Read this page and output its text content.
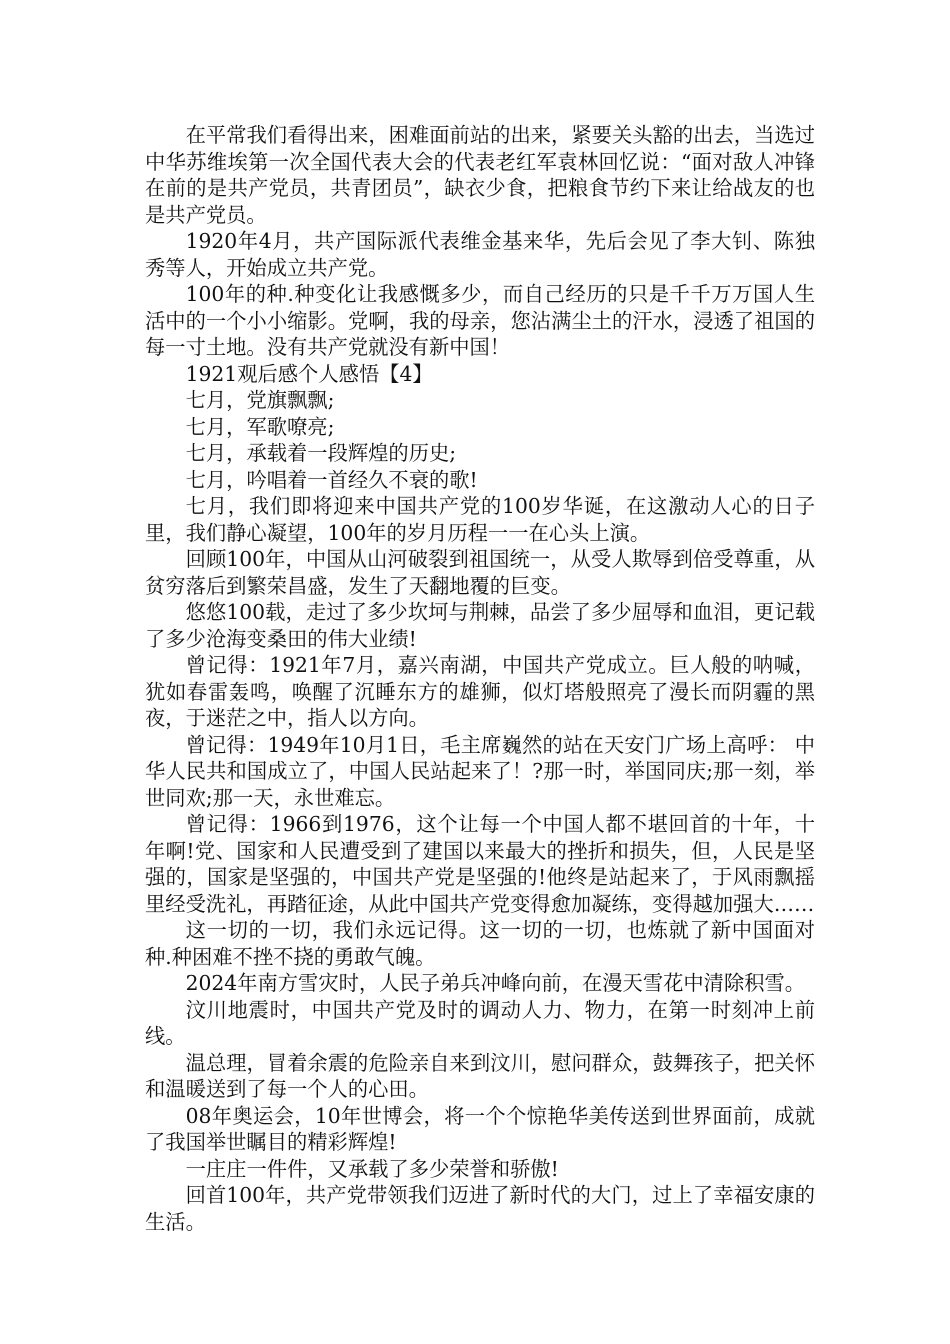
在平常我们看得出来，困难面前站的出来，紧要关头豁的出去，当选过中华苏维埃第一次全国代表大会的代表老红军袁林回忆说：“面对敌人冲锋在前的是共产党员，共青团员”，缺衣少食，把粮食节约下来让给战友的也是共产党员。

1920年4月，共产国际派代表维金基来华，先后会见了李大钊、陈独秀等人，开始成立共产党。

100年的种.种变化让我感慨多少，而自己经历的只是千千万万国人生活中的一个小小缩影。党啊，我的母亲，您沾满尘土的汗水，浸透了祖国的每一寸土地。没有共产党就没有新中国！

1921观后感个人感悟【4】

七月，党旗飘飘;

七月，军歌嘹亮;

七月，承载着一段辉煌的历史;

七月，吟唱着一首经久不衰的歌!

七月，我们即将迎来中国共产党的100岁华诞，在这激动人心的日子里，我们静心凝望，100年的岁月历程一一在心头上演。

回顾100年，中国从山河破裂到祖国统一，从受人欺辱到倍受尊重，从贫穷落后到繁荣昌盛，发生了天翻地覆的巨变。

悠悠100载，走过了多少坎坷与荆棘，品尝了多少屈辱和血泪，更记载了多少沧海变桑田的伟大业绩!

曾记得：1921年7月，嘉兴南湖，中国共产党成立。巨人般的呐喊，犹如春雷轰鸣，唤醒了沉睡东方的雄狮，似灯塔般照亮了漫长而阴霾的黑夜，于迷茫之中，指人以方向。

曾记得：1949年10月1日，毛主席巍然的站在天安门广场上高呼： 中华人民共和国成立了，中国人民站起来了！?那一时，举国同庆;那一刻，举世同欢;那一天，永世难忘。

曾记得：1966到1976，这个让每一个中国人都不堪回首的十年，十年啊!党、国家和人民遭受到了建国以来最大的挫折和损失，但，人民是坚强的，国家是坚强的，中国共产党是坚强的!他终是站起来了，于风雨飘摇里经受洗礼，再踏征途，从此中国共产党变得愈加凝练，变得越加强大……

这一切的一切，我们永远记得。这一切的一切，也炼就了新中国面对种.种困难不挫不挠的勇敢气魄。

2024年南方雪灾时，人民子弟兵冲峰向前，在漫天雪花中清除积雪。

汶川地震时，中国共产党及时的调动人力、物力，在第一时刻冲上前线。

温总理，冒着余震的危险亲自来到汶川，慰问群众，鼓舞孩子，把关怀和温暖送到了每一个人的心田。

08年奥运会，10年世博会，将一个个惊艳华美传送到世界面前，成就了我国举世瞩目的精彩辉煌!

一庄庄一件件，又承载了多少荣誉和骄傲!

回首100年，共产党带领我们迈进了新时代的大门，过上了幸福安康的生活。
